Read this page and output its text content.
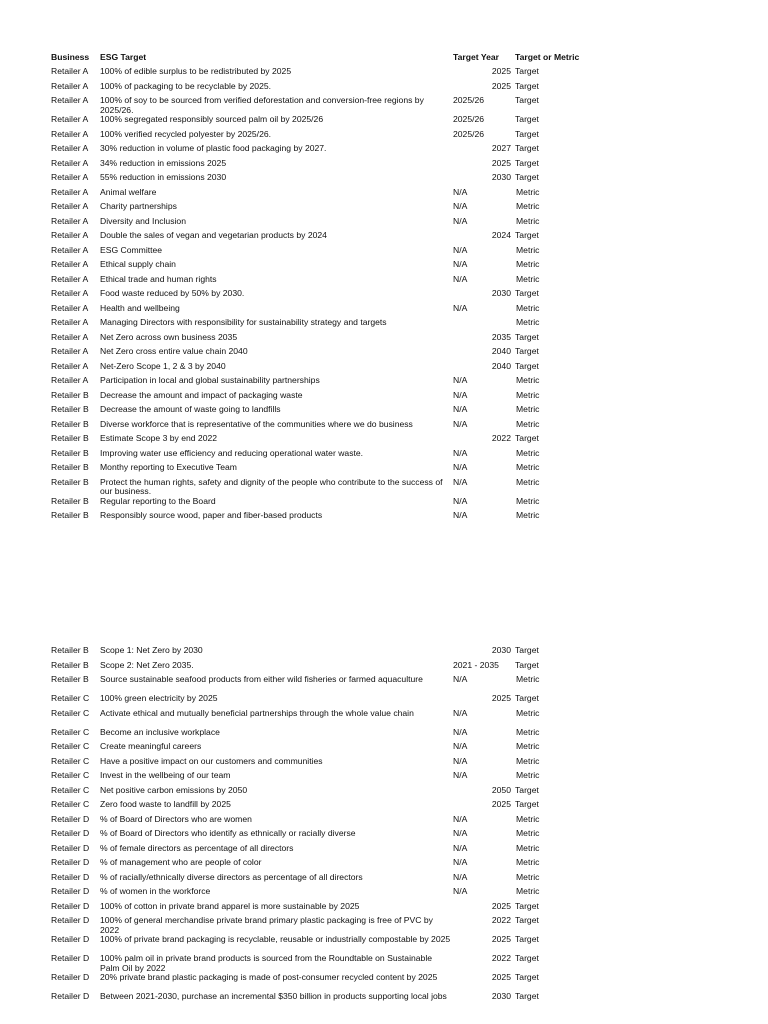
Business ESG Target	Target Year Target or Metric
Retailer A 100% of edible surplus to be redistributed by 2025	2025 Target
Retailer A 100% of packaging to be recyclable by 2025.	2025 Target
Retailer A 100% of soy to be sourced from verified deforestation and conversion-free regions by 2025/26.
2025/26	Target
Retailer A 100% segregated responsibly sourced palm oil by 2025/26	2025/26	Target
Retailer A 100% verified recycled polyester by 2025/26.	2025/26	Target
Retailer A 30% reduction in volume of plastic food packaging by 2027.	2027 Target
Retailer A 34% reduction in emissions 2025	2025 Target
Retailer A 55% reduction in emissions 2030	2030 Target
Retailer A Animal welfare	N/A	Metric
Retailer A Charity partnerships	N/A	Metric
Retailer A Diversity and Inclusion	N/A	Metric
Retailer A Double the sales of vegan and vegetarian products by 2024	2024 Target
Retailer A ESG Committee	N/A	Metric
Retailer A Ethical supply chain	N/A	Metric
Retailer A Ethical trade and human rights	N/A	Metric
Retailer A Food waste reduced by 50% by 2030.	2030 Target
Retailer A Health and wellbeing	N/A	Metric
Retailer A Managing Directors with responsibility for sustainability strategy and targets	Metric
Retailer A Net Zero across own business 2035	2035 Target
Retailer A Net Zero cross entire value chain 2040	2040 Target
Retailer A Net-Zero Scope 1, 2 & 3 by 2040	2040 Target
Retailer A Participation in local and global sustainability partnerships	N/A	Metric
Retailer B Decrease the amount and impact of packaging waste	N/A	Metric
Retailer B Decrease the amount of waste going to landfills	N/A	Metric
Retailer B Diverse workforce that is representative of the communities where we do business	N/A	Metric
Retailer B Estimate Scope 3 by end 2022	2022 Target
Retailer B Improving water use efficiency and reducing operational water waste.	N/A	Metric
Retailer B Monthy reporting to Executive Team	N/A	Metric
Retailer B Protect the human rights, safety and dignity of the people who contribute to the success of our business.
N/A	Metric
Retailer B Regular reporting to the Board	N/A	Metric
Retailer B Responsibly source wood, paper and fiber-based products	N/A	Metric
Retailer B Scope 1: Net Zero by 2030	2030 Target
Retailer B Scope 2: Net Zero 2035.	2021 - 2035 Target
Retailer B Source sustainable seafood products from either wild fisheries or farmed aquaculture	N/A	Metric
Retailer C 100% green electricity by 2025	2025 Target
Retailer C Activate ethical and mutually beneficial partnerships through the whole value chain	N/A	Metric
Retailer C Become an inclusive workplace	N/A	Metric
Retailer C Create meaningful careers	N/A	Metric
Retailer C Have a positive impact on our customers and communities	N/A	Metric
Retailer C Invest in the wellbeing of our team	N/A	Metric
Retailer C Net positive carbon emissions by 2050	2050 Target
Retailer C Zero food waste to landfill by 2025	2025 Target
Retailer D % of Board of Directors who are women	N/A	Metric
Retailer D % of Board of Directors who identify as ethnically or racially diverse	N/A	Metric
Retailer D % of female directors as percentage of all directors	N/A	Metric
Retailer D % of management who are people of color	N/A	Metric
Retailer D % of racially/ethnically diverse directors as percentage of all directors	N/A	Metric
Retailer D % of women in the workforce	N/A	Metric
Retailer D 100% of cotton in private brand apparel is more sustainable by 2025	2025 Target
Retailer D 100% of general merchandise private brand primary plastic packaging is free of PVC by 2022
2022 Target
Retailer D 100% of private brand packaging is recyclable, reusable or industrially compostable by 2025	2025 Target
Retailer D 100% palm oil in private brand products is sourced from the Roundtable on Sustainable Palm Oil by 2022
2022 Target
Retailer D 20% private brand plastic packaging is made of post-consumer recycled content by 2025	2025 Target
Retailer D Between 2021-2030, purchase an incremental $350 billion in products supporting local jobs	2030 Target
